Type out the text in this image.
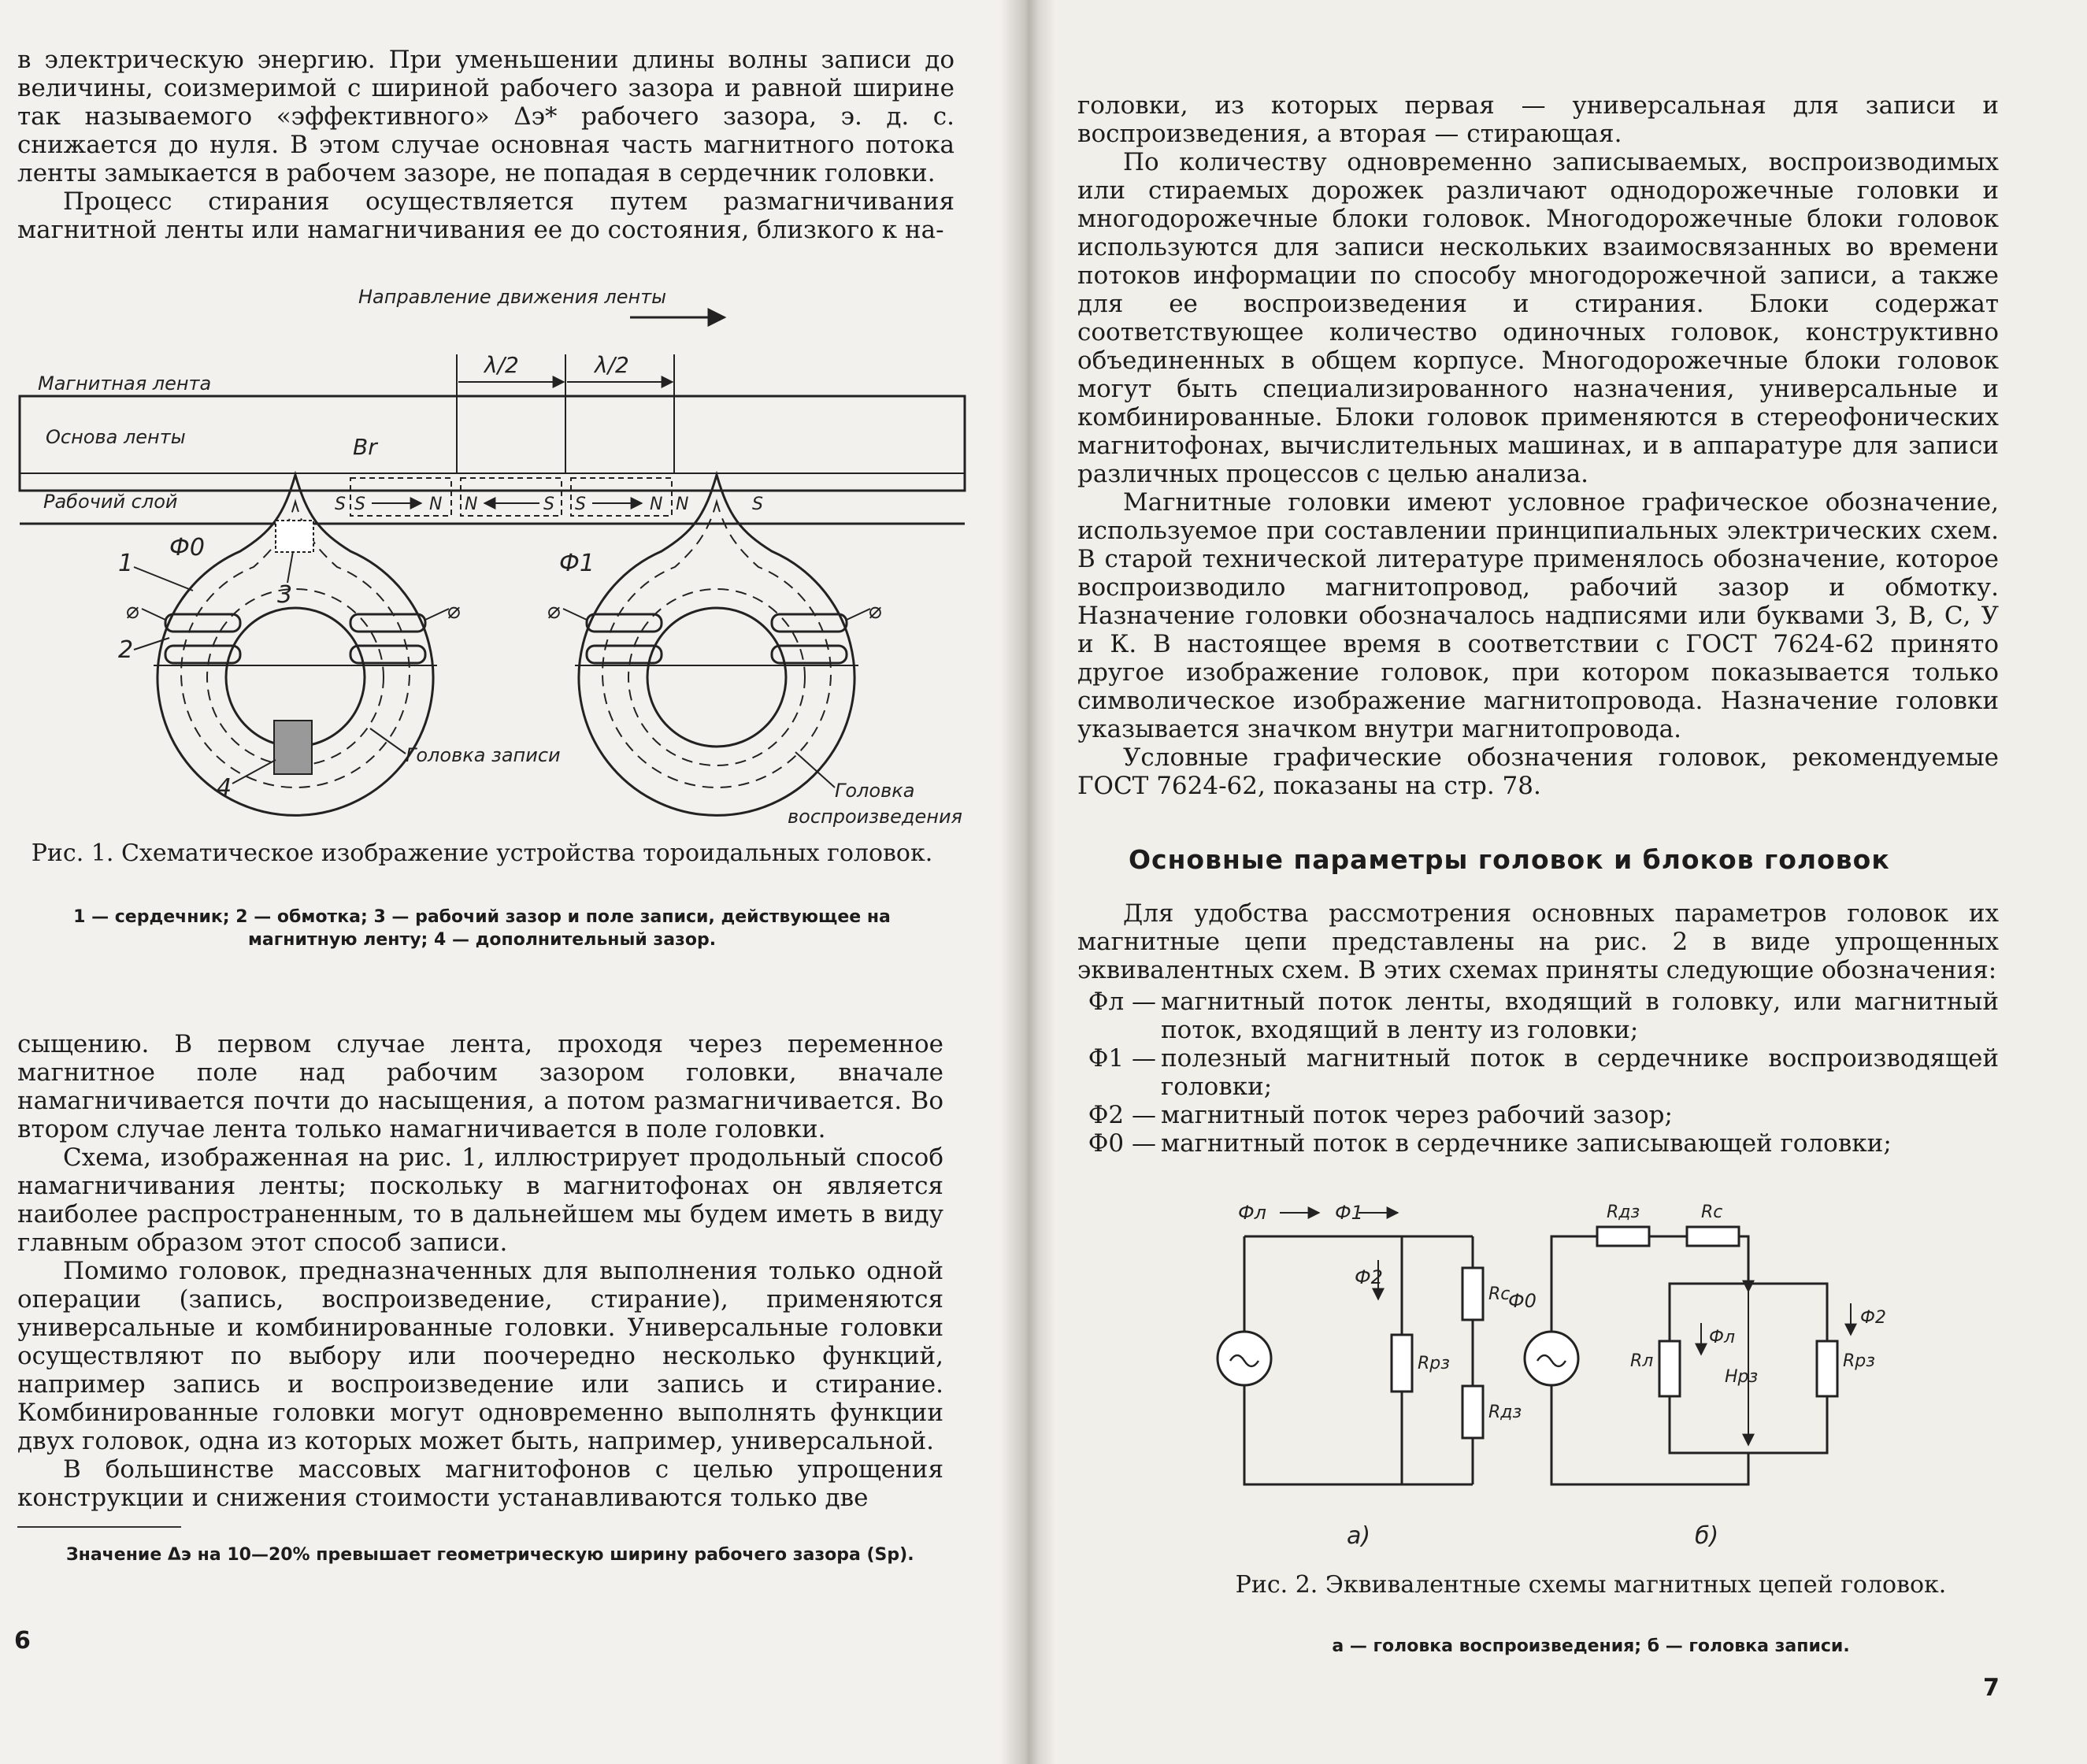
в электрическую энергию. При уменьшении длины волны записи до величины, соизмеримой с шириной рабочего зазора и равной ширине так называемого «эффективного» Δэ* рабочего зазора, э. д. с. снижается до нуля. В этом случае основная часть магнитного потока ленты замыкается в рабочем зазоре, не попадая в сердечник головки.

Процесс стирания осуществляется путем размагничивания магнитной ленты или намагничивания ее до состояния, близкого к на-

Направление движения ленты
Магнитная лента
Основа ленты
Рабочий слой
λ/2	λ/2
Br
S S	N N	S S	N N	S
⌀	⌀
Ф0
1
2
3
4
Головка записи
⌀	⌀
Ф1
Головка
воспроизведения
Рис. 1. Схематическое изображение устройства тороидальных головок.
1 — сердечник; 2 — обмотка; 3 — рабочий зазор и поле записи, действующее на магнитную ленту; 4 — дополнительный зазор.

сыщению. В первом случае лента, проходя через переменное магнитное поле над рабочим зазором головки, вначале намагничивается почти до насыщения, а потом размагничивается. Во втором случае лента только намагничивается в поле головки.

Схема, изображенная на рис. 1, иллюстрирует продольный способ намагничивания ленты; поскольку в магнитофонах он является наиболее распространенным, то в дальнейшем мы будем иметь в виду главным образом этот способ записи.

Помимо головок, предназначенных для выполнения только одной операции (запись, воспроизведение, стирание), применяются универсальные и комбинированные головки. Универсальные головки осуществляют по выбору или поочередно несколько функций, например запись и воспроизведение или запись и стирание. Комбинированные головки могут одновременно выполнять функции двух головок, одна из которых может быть, например, универсальной.

В большинстве массовых магнитофонов с целью упрощения конструкции и снижения стоимости устанавливаются только две

Значение Δэ на 10—20% превышает геометрическую ширину рабочего зазора (Sр).
6

головки, из которых первая — универсальная для записи и воспроизведения, а вторая — стирающая.

По количеству одновременно записываемых, воспроизводимых или стираемых дорожек различают однодорожечные головки и многодорожечные блоки головок. Многодорожечные блоки головок используются для записи нескольких взаимосвязанных во времени потоков информации по способу многодорожечной записи, а также для ее воспроизведения и стирания. Блоки содержат соответствующее количество одиночных головок, конструктивно объединенных в общем корпусе. Многодорожечные блоки головок могут быть специализированного назначения, универсальные и комбинированные. Блоки головок применяются в стереофонических магнитофонах, вычислительных машинах, и в аппаратуре для записи различных процессов с целью анализа.

Магнитные головки имеют условное графическое обозначение, используемое при составлении принципиальных электрических схем. В старой технической литературе применялось обозначение, которое воспроизводило магнитопровод, рабочий зазор и обмотку. Назначение головки обозначалось надписями или буквами З, В, С, У и К. В настоящее время в соответствии с ГОСТ 7624-62 принято другое изображение головок, при котором показывается только символическое изображение магнитопровода. Назначение головки указывается значком внутри магнитопровода.

Условные графические обозначения головок, рекомендуемые ГОСТ 7624-62, показаны на стр. 78.

Основные параметры головок и блоков головок

Для удобства рассмотрения основных параметров головок их магнитные цепи представлены на рис. 2 в виде упрощенных эквивалентных схем. В этих схемах приняты следующие обозначения:

Фл — магнитный поток ленты, входящий в головку, или магнитный поток, входящий в ленту из головки;
Ф1 — полезный магнитный поток в сердечнике воспроизводящей головки;
Ф2 — магнитный поток через рабочий зазор;
Ф0 — магнитный поток в сердечнике записывающей головки;
Фл	Ф1
Ф2
Rс
Rрз
Rдз
Ф0
Rдз	Rс
Фл
Rл
Hрз
Ф2
Rрз
а)	б)
Рис. 2. Эквивалентные схемы магнитных цепей головок.
а — головка воспроизведения; б — головка записи.
7
